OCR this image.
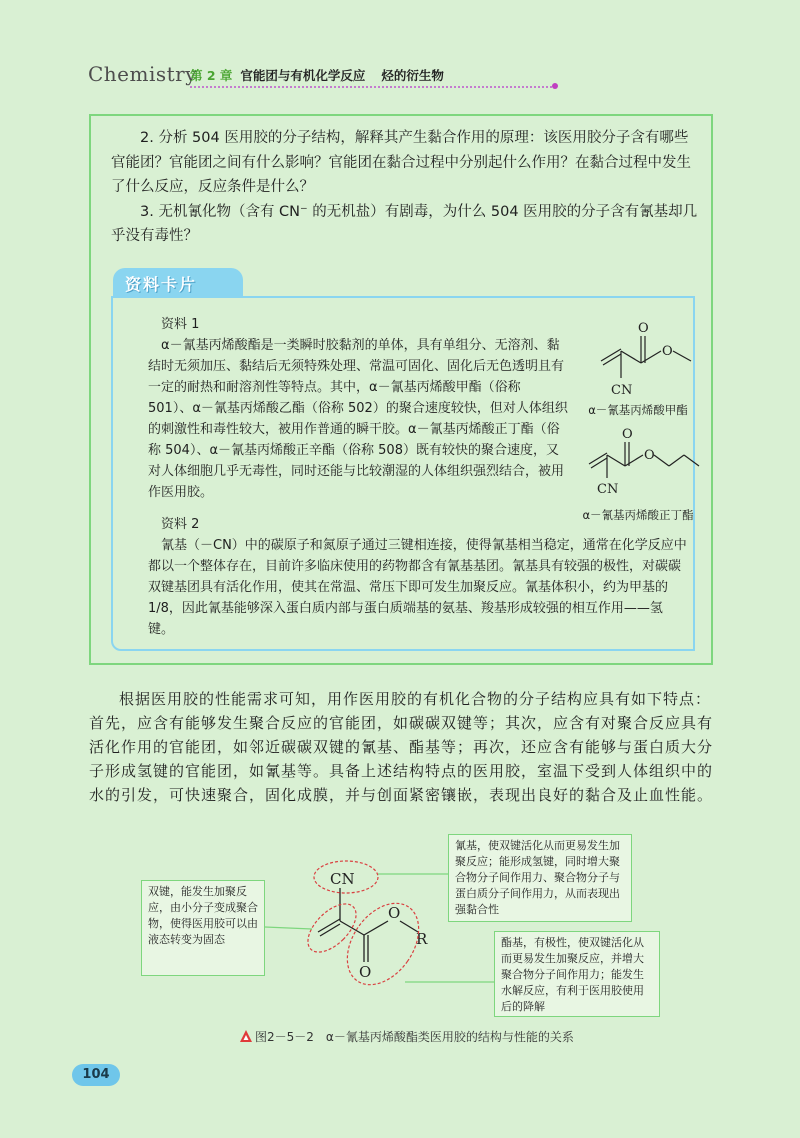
Chemistry
第 2 章 官能团与有机化学反应 烃的衍生物

2. 分析 504 医用胶的分子结构，解释其产生黏合作用的原理：该医用胶分子含有哪些官能团？官能团之间有什么影响？官能团在黏合过程中分别起什么作用？在黏合过程中发生了什么反应，反应条件是什么？

3. 无机氰化物（含有 CN⁻ 的无机盐）有剧毒，为什么 504 医用胶的分子含有氰基却几乎没有毒性？

资料卡片

资料 1

α－氰基丙烯酸酯是一类瞬时胶黏剂的单体，具有单组分、无溶剂、黏结时无须加压、黏结后无须特殊处理、常温可固化、固化后无色透明且有一定的耐热和耐溶剂性等特点。其中，α－氰基丙烯酸甲酯（俗称 501）、α－氰基丙烯酸乙酯（俗称 502）的聚合速度较快，但对人体组织的刺激性和毒性较大，被用作普通的瞬干胶。α－氰基丙烯酸正丁酯（俗称 504）、α－氰基丙烯酸正辛酯（俗称 508）既有较快的聚合速度，又对人体细胞几乎无毒性，同时还能与比较潮湿的人体组织强烈结合，被用作医用胶。

O
O
CN
α－氰基丙烯酸甲酯
O
O
CN
α－氰基丙烯酸正丁酯

资料 2

氰基（－CN）中的碳原子和氮原子通过三键相连接，使得氰基相当稳定，通常在化学反应中都以一个整体存在，目前许多临床使用的药物都含有氰基基团。氰基具有较强的极性，对碳碳双键基团具有活化作用，使其在常温、常压下即可发生加聚反应。氰基体积小，约为甲基的 1/8，因此氰基能够深入蛋白质内部与蛋白质端基的氨基、羧基形成较强的相互作用——氢键。

根据医用胶的性能需求可知，用作医用胶的有机化合物的分子结构应具有如下特点：首先，应含有能够发生聚合反应的官能团，如碳碳双键等；其次，应含有对聚合反应具有活化作用的官能团，如邻近碳碳双键的氰基、酯基等；再次，还应含有能够与蛋白质大分子形成氢键的官能团，如氰基等。具备上述结构特点的医用胶，室温下受到人体组织中的水的引发，可快速聚合，固化成膜，并与创面紧密镶嵌，表现出良好的黏合及止血性能。

CN
O
O
R
双键，能发生加聚反应，由小分子变成聚合物，使得医用胶可以由液态转变为固态
氰基，使双键活化从而更易发生加聚反应；能形成氢键，同时增大聚合物分子间作用力、聚合物分子与蛋白质分子间作用力，从而表现出强黏合性
酯基，有极性，使双键活化从而更易发生加聚反应，并增大聚合物分子间作用力；能发生水解反应，有利于医用胶使用后的降解
图2－5－2　α－氰基丙烯酸酯类医用胶的结构与性能的关系
104
